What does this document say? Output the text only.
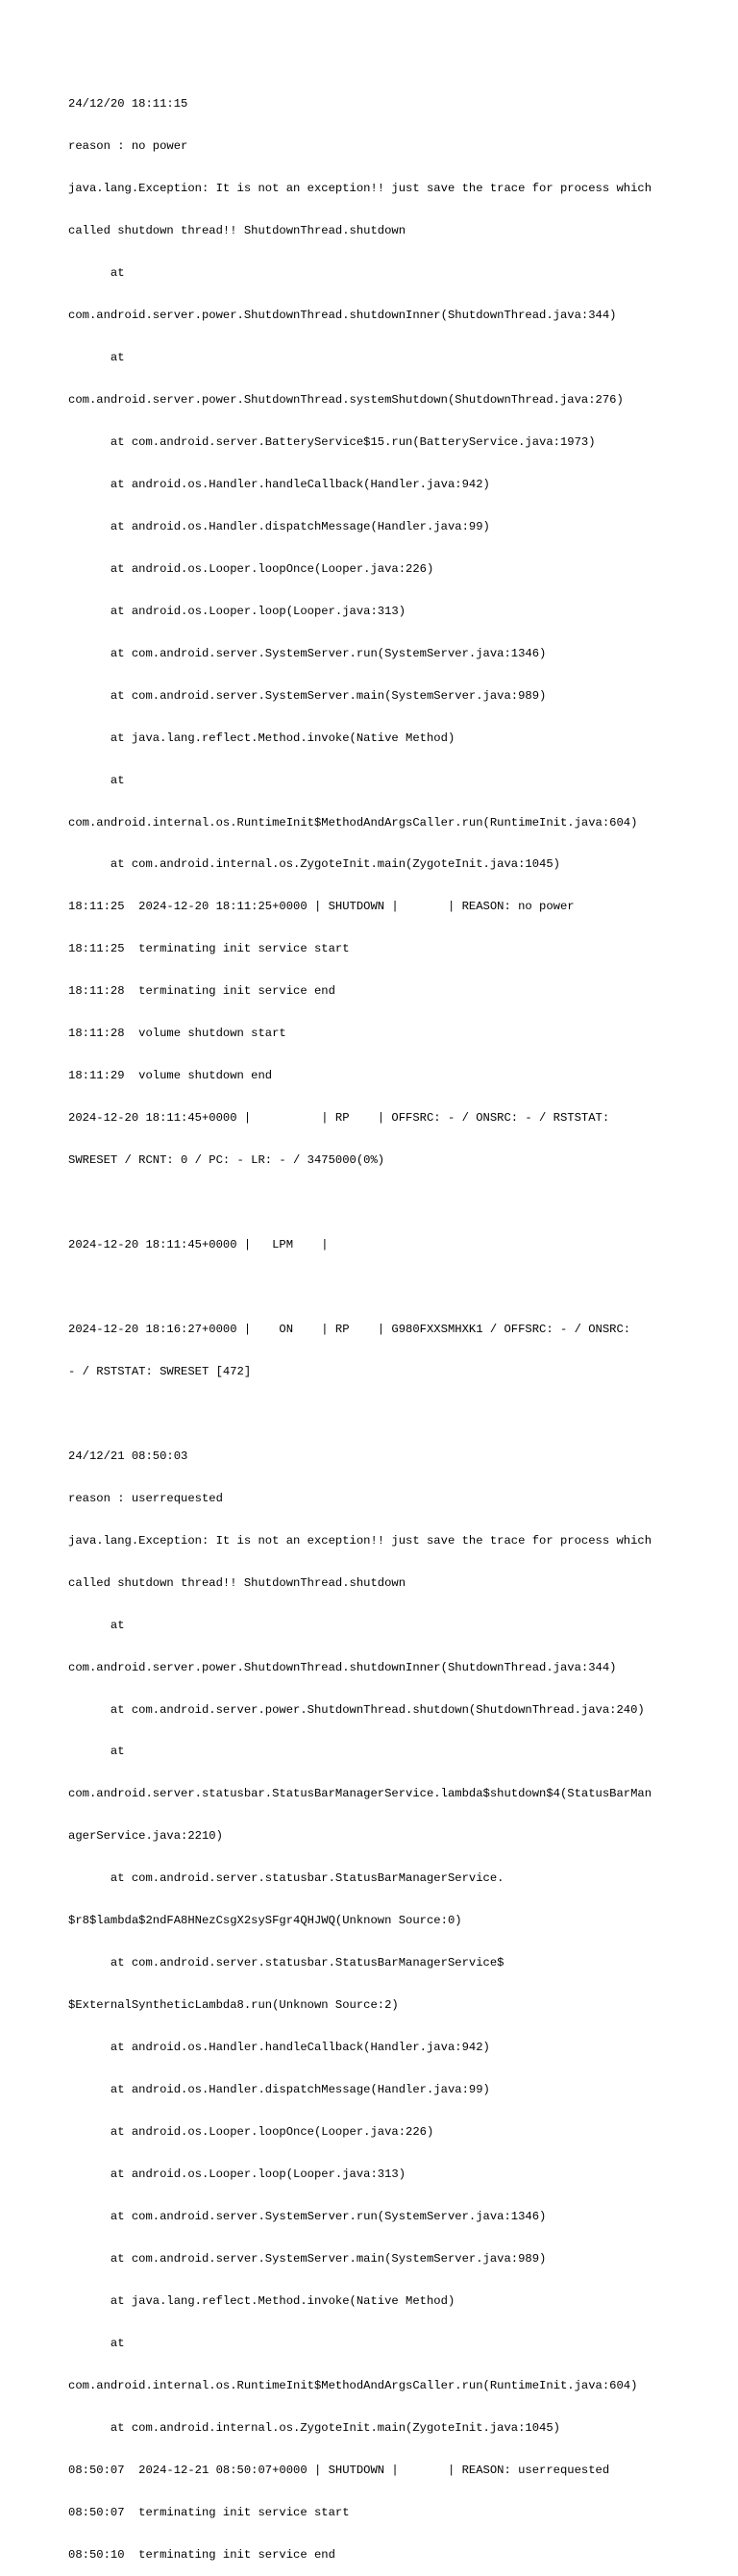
24/12/20 18:11:15

reason : no power

java.lang.Exception: It is not an exception!! just save the trace for process which

called shutdown thread!! ShutdownThread.shutdown

at

com.android.server.power.ShutdownThread.shutdownInner(ShutdownThread.java:344)

at

com.android.server.power.ShutdownThread.systemShutdown(ShutdownThread.java:276)

at com.android.server.BatteryService$15.run(BatteryService.java:1973)

at android.os.Handler.handleCallback(Handler.java:942)

at android.os.Handler.dispatchMessage(Handler.java:99)

at android.os.Looper.loopOnce(Looper.java:226)

at android.os.Looper.loop(Looper.java:313)

at com.android.server.SystemServer.run(SystemServer.java:1346)

at com.android.server.SystemServer.main(SystemServer.java:989)

at java.lang.reflect.Method.invoke(Native Method)

at

com.android.internal.os.RuntimeInit$MethodAndArgsCaller.run(RuntimeInit.java:604)

at com.android.internal.os.ZygoteInit.main(ZygoteInit.java:1045)

18:11:25  2024-12-20 18:11:25+0000 | SHUTDOWN |       | REASON: no power

18:11:25  terminating init service start

18:11:28  terminating init service end

18:11:28  volume shutdown start

18:11:29  volume shutdown end

2024-12-20 18:11:45+0000 |          | RP    | OFFSRC: - / ONSRC: - / RSTSTAT:

SWRESET / RCNT: 0 / PC: - LR: - / 3475000(0%)

2024-12-20 18:11:45+0000 |   LPM    |

2024-12-20 18:16:27+0000 |    ON    | RP    | G980FXXSMHXK1 / OFFSRC: - / ONSRC:

- / RSTSTAT: SWRESET [472]

24/12/21 08:50:03

reason : userrequested

java.lang.Exception: It is not an exception!! just save the trace for process which

called shutdown thread!! ShutdownThread.shutdown

at

com.android.server.power.ShutdownThread.shutdownInner(ShutdownThread.java:344)

at com.android.server.power.ShutdownThread.shutdown(ShutdownThread.java:240)

at

com.android.server.statusbar.StatusBarManagerService.lambda$shutdown$4(StatusBarMan

agerService.java:2210)

at com.android.server.statusbar.StatusBarManagerService.

$r8$lambda$2ndFA8HNezCsgX2sySFgr4QHJWQ(Unknown Source:0)

at com.android.server.statusbar.StatusBarManagerService$

$ExternalSyntheticLambda8.run(Unknown Source:2)

at android.os.Handler.handleCallback(Handler.java:942)

at android.os.Handler.dispatchMessage(Handler.java:99)

at android.os.Looper.loopOnce(Looper.java:226)

at android.os.Looper.loop(Looper.java:313)

at com.android.server.SystemServer.run(SystemServer.java:1346)

at com.android.server.SystemServer.main(SystemServer.java:989)

at java.lang.reflect.Method.invoke(Native Method)

at

com.android.internal.os.RuntimeInit$MethodAndArgsCaller.run(RuntimeInit.java:604)

at com.android.internal.os.ZygoteInit.main(ZygoteInit.java:1045)

08:50:07  2024-12-21 08:50:07+0000 | SHUTDOWN |       | REASON: userrequested

08:50:07  terminating init service start

08:50:10  terminating init service end
